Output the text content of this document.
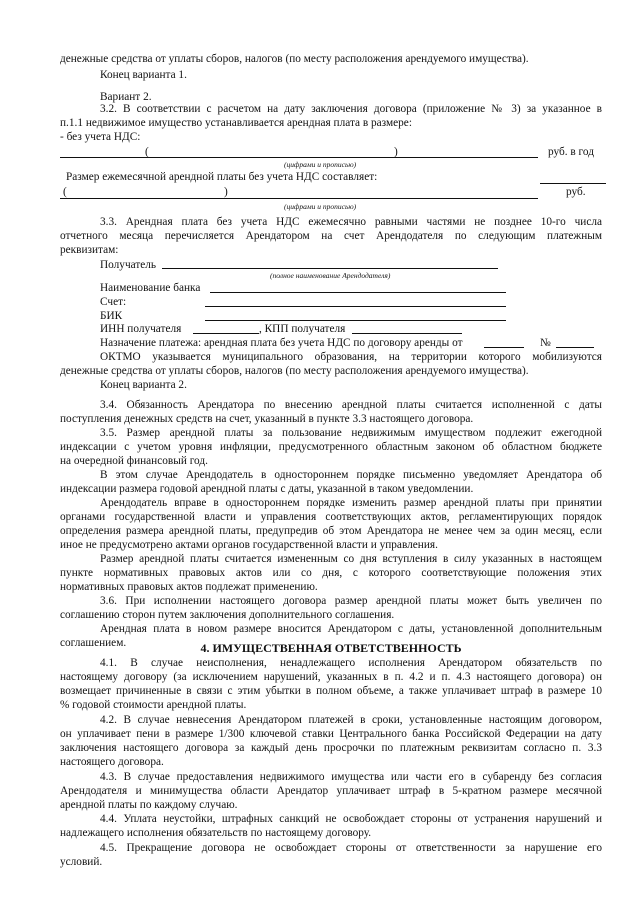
денежные средства от уплаты сборов, налогов (по месту расположения арендуемого имущества).
Конец варианта 1.
Вариант 2.
3.2. В соответствии с расчетом на дату заключения договора (приложение № 3) за указанное в
п.1.1 недвижимое имущество устанавливается арендная плата в размере:
- без учета НДС:
(	)	руб. в год
(цифрами и прописью)
Размер ежемесячной арендной платы без учета НДС составляет:
(	)	руб.
(цифрами и прописью)
3.3. Арендная плата без учета НДС ежемесячно равными частями не позднее 10-го числа
отчетного месяца перечисляется Арендатором на счет Арендодателя по следующим платежным
реквизитам:
Получатель
(полное наименование Арендодателя)
Наименование банка
Счет:
БИК
ИНН получателя	, КПП получателя
Назначение платежа: арендная плата без учета НДС по договору аренды от	№
ОКТМО указывается муниципального образования, на территории которого мобилизуются
денежные средства от уплаты сборов, налогов (по месту расположения арендуемого имущества).
Конец варианта 2.
3.4. Обязанность Арендатора по внесению арендной платы считается исполненной с даты
поступления денежных средств на счет, указанный в пункте 3.3 настоящего договора.
3.5. Размер арендной платы за пользование недвижимым имуществом подлежит ежегодной
индексации с учетом уровня инфляции, предусмотренного областным законом об областном бюджете
на очередной финансовый год.
В этом случае Арендодатель в одностороннем порядке письменно уведомляет Арендатора об
индексации размера годовой арендной платы с даты, указанной в таком уведомлении.
Арендодатель вправе в одностороннем порядке изменить размер арендной платы при принятии
органами государственной власти и управления соответствующих актов, регламентирующих порядок
определения размера арендной платы, предупредив об этом Арендатора не менее чем за один месяц, если
иное не предусмотрено актами органов государственной власти и управления.
Размер арендной платы считается измененным со дня вступления в силу указанных в настоящем
пункте нормативных правовых актов или со дня, с которого соответствующие положения этих
нормативных правовых актов подлежат применению.
3.6. При исполнении настоящего договора размер арендной платы может быть увеличен по
соглашению сторон путем заключения дополнительного соглашения.
Арендная плата в новом размере вносится Арендатором с даты, установленной дополнительным
соглашением.	4. ИМУЩЕСТВЕННАЯ ОТВЕТСТВЕННОСТЬ
4.1. В случае неисполнения, ненадлежащего исполнения Арендатором обязательств по
настоящему договору (за исключением нарушений, указанных в п. 4.2 и п. 4.3 настоящего договора) он
возмещает причиненные в связи с этим убытки в полном объеме, а также уплачивает штраф в размере 10
% годовой стоимости арендной платы.
4.2. В случае невнесения Арендатором платежей в сроки, установленные настоящим договором,
он уплачивает пени в размере 1/300 ключевой ставки Центрального банка Российской Федерации на дату
заключения настоящего договора за каждый день просрочки по платежным реквизитам согласно п. 3.3
настоящего договора.
4.3. В случае предоставления недвижимого имущества или части его в субаренду без согласия
Арендодателя и минимущества области Арендатор уплачивает штраф в 5-кратном размере месячной
арендной платы по каждому случаю.
4.4. Уплата неустойки, штрафных санкций не освобождает стороны от устранения нарушений и
надлежащего исполнения обязательств по настоящему договору.
4.5. Прекращение договора не освобождает стороны от ответственности за нарушение его
условий.
